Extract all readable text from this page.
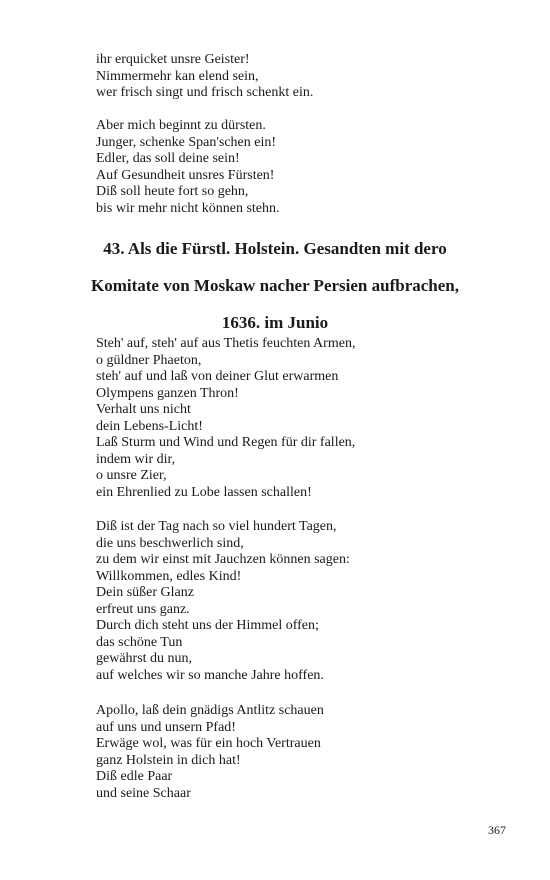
ihr erquicket unsre Geister!
Nimmermehr kan elend sein,
wer frisch singt und frisch schenkt ein.
Aber mich beginnt zu dürsten.
Junger, schenke Span'schen ein!
Edler, das soll deine sein!
Auf Gesundheit unsres Fürsten!
Diß soll heute fort so gehn,
bis wir mehr nicht können stehn.
43. Als die Fürstl. Holstein. Gesandten mit dero
Komitate von Moskaw nacher Persien aufbrachen,
1636. im Junio
Steh' auf, steh' auf aus Thetis feuchten Armen,
o güldner Phaeton,
steh' auf und laß von deiner Glut erwarmen
Olympens ganzen Thron!
Verhalt uns nicht
dein Lebens-Licht!
Laß Sturm und Wind und Regen für dir fallen,
indem wir dir,
o unsre Zier,
ein Ehrenlied zu Lobe lassen schallen!
Diß ist der Tag nach so viel hundert Tagen,
die uns beschwerlich sind,
zu dem wir einst mit Jauchzen können sagen:
Willkommen, edles Kind!
Dein süßer Glanz
erfreut uns ganz.
Durch dich steht uns der Himmel offen;
das schöne Tun
gewährst du nun,
auf welches wir so manche Jahre hoffen.
Apollo, laß dein gnädigs Antlitz schauen
auf uns und unsern Pfad!
Erwäge wol, was für ein hoch Vertrauen
ganz Holstein in dich hat!
Diß edle Paar
und seine Schaar
367
